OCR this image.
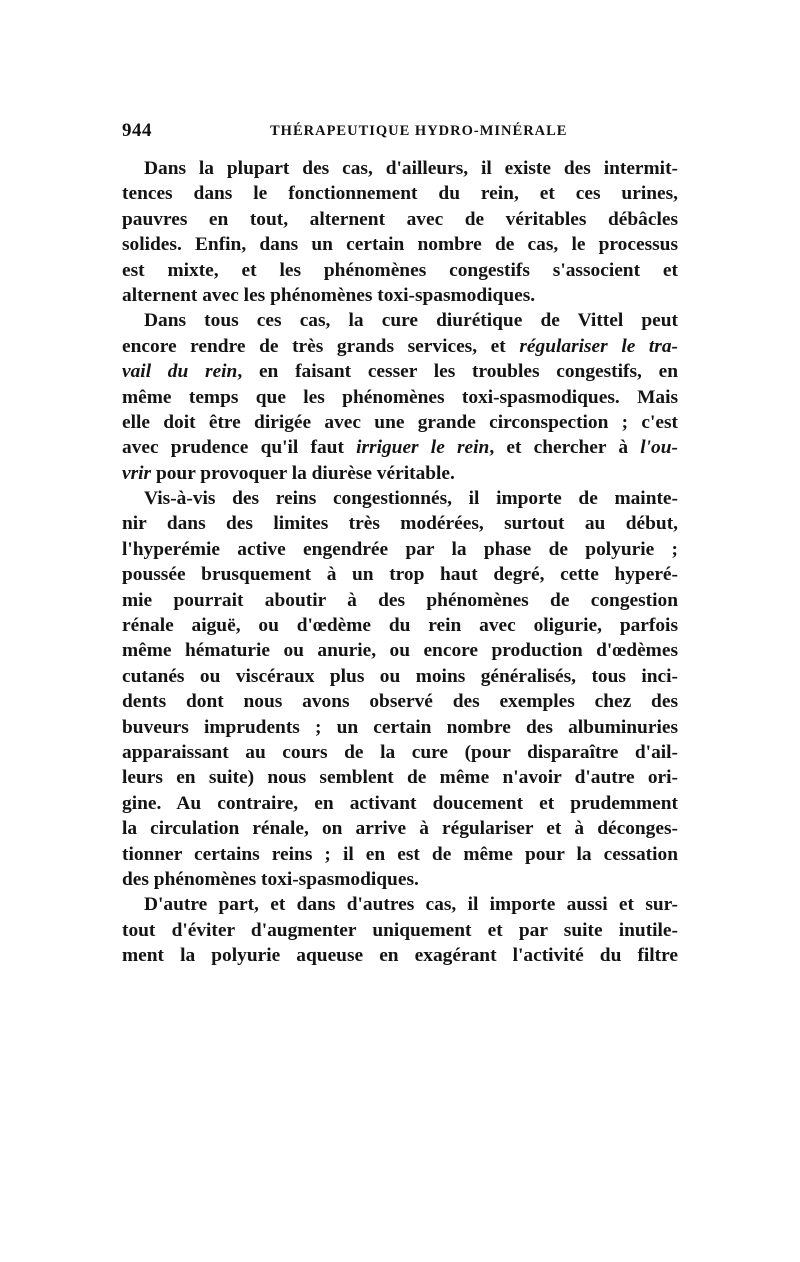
944	THÉRAPEUTIQUE HYDRO-MINÉRALE
Dans la plupart des cas, d'ailleurs, il existe des intermit-
tences dans le fonctionnement du rein, et ces urines,
pauvres en tout, alternent avec de véritables débâcles
solides. Enfin, dans un certain nombre de cas, le processus
est mixte, et les phénomènes congestifs s'associent et
alternent avec les phénomènes toxi-spasmodiques.
Dans tous ces cas, la cure diurétique de Vittel peut
encore rendre de très grands services, et régulariser le tra-
vail du rein, en faisant cesser les troubles congestifs, en
même temps que les phénomènes toxi-spasmodiques. Mais
elle doit être dirigée avec une grande circonspection ; c'est
avec prudence qu'il faut irriguer le rein, et chercher à l'ou-
vrir pour provoquer la diurèse véritable.
Vis-à-vis des reins congestionnés, il importe de mainte-
nir dans des limites très modérées, surtout au début,
l'hyperémie active engendrée par la phase de polyurie ;
poussée brusquement à un trop haut degré, cette hyperé-
mie pourrait aboutir à des phénomènes de congestion
rénale aiguë, ou d'œdème du rein avec oligurie, parfois
même hématurie ou anurie, ou encore production d'œdèmes
cutanés ou viscéraux plus ou moins généralisés, tous inci-
dents dont nous avons observé des exemples chez des
buveurs imprudents ; un certain nombre des albuminuries
apparaissant au cours de la cure (pour disparaître d'ail-
leurs en suite) nous semblent de même n'avoir d'autre ori-
gine. Au contraire, en activant doucement et prudemment
la circulation rénale, on arrive à régulariser et à déconges-
tionner certains reins ; il en est de même pour la cessation
des phénomènes toxi-spasmodiques.
D'autre part, et dans d'autres cas, il importe aussi et sur-
tout d'éviter d'augmenter uniquement et par suite inutile-
ment la polyurie aqueuse en exagérant l'activité du filtre
